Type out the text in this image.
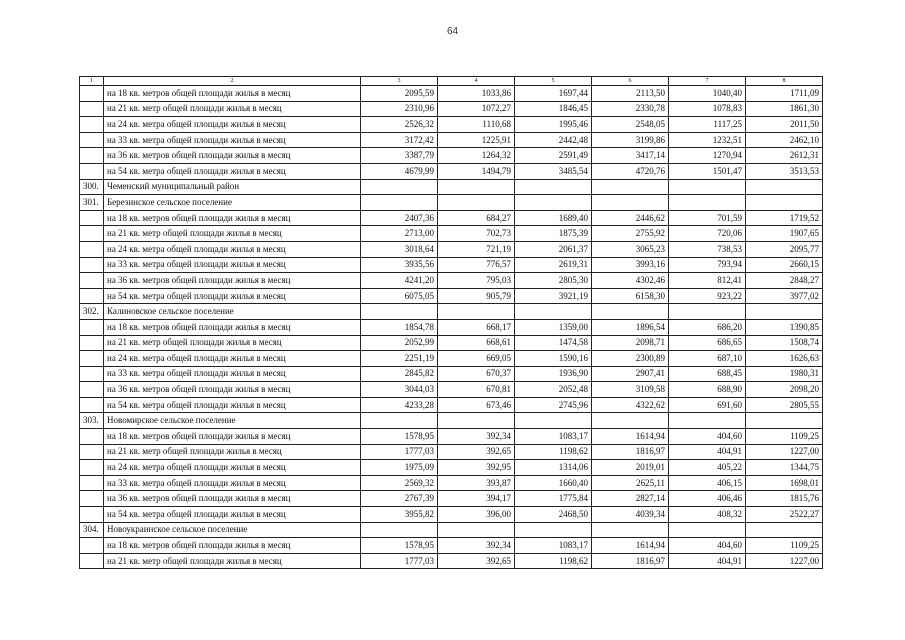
64
1	2	3	4	5	6	7	8
	на 18 кв. метров общей площади жилья в месяц	2095,59	1033,86	1697,44	2113,50	1040,40	1711,09
	на 21 кв. метр общей площади жилья в месяц	2310,96	1072,27	1846,45	2330,78	1078,83	1861,30
	на 24 кв. метра общей площади жилья в месяц	2526,32	1110,68	1995,46	2548,05	1117,25	2011,50
	на 33 кв. метра общей площади жилья в месяц	3172,42	1225,91	2442,48	3199,86	1232,51	2462,10
	на 36 кв. метров общей площади жилья в месяц	3387,79	1264,32	2591,49	3417,14	1270,94	2612,31
	на 54 кв. метра общей площади жилья в месяц	4679,99	1494,79	3485,54	4720,76	1501,47	3513,53
300.	Чеменский муниципальный район						
301.	Березинское сельское поселение						
	на 18 кв. метров общей площади жилья в месяц	2407,36	684,27	1689,40	2446,62	701,59	1719,52
	на 21 кв. метр общей площади жилья в месяц	2713,00	702,73	1875,39	2755,92	720,06	1907,65
	на 24 кв. метра общей площади жилья в месяц	3018,64	721,19	2061,37	3065,23	738,53	2095,77
	на 33 кв. метра общей площади жилья в месяц	3935,56	776,57	2619,31	3993,16	793,94	2660,15
	на 36 кв. метров общей площади жилья в месяц	4241,20	795,03	2805,30	4302,46	812,41	2848,27
	на 54 кв. метра общей площади жилья в месяц	6075,05	905,79	3921,19	6158,30	923,22	3977,02
302.	Калиновское сельское поселение						
	на 18 кв. метров общей площади жилья в месяц	1854,78	668,17	1359,00	1896,54	686,20	1390,85
	на 21 кв. метр общей площади жилья в месяц	2052,99	668,61	1474,58	2098,71	686,65	1508,74
	на 24 кв. метра общей площади жилья в месяц	2251,19	669,05	1590,16	2300,89	687,10	1626,63
	на 33 кв. метра общей площади жилья в месяц	2845,82	670,37	1936,90	2907,41	688,45	1980,31
	на 36 кв. метров общей площади жилья в месяц	3044,03	670,81	2052,48	3109,58	688,90	2098,20
	на 54 кв. метра общей площади жилья в месяц	4233,28	673,46	2745,96	4322,62	691,60	2805,55
303.	Новомирское сельское поселение						
	на 18 кв. метров общей площади жилья в месяц	1578,95	392,34	1083,17	1614,94	404,60	1109,25
	на 21 кв. метр общей площади жилья в месяц	1777,03	392,65	1198,62	1816,97	404,91	1227,00
	на 24 кв. метра общей площади жилья в месяц	1975,09	392,95	1314,06	2019,01	405,22	1344,75
	на 33 кв. метра общей площади жилья в месяц	2569,32	393,87	1660,40	2625,11	406,15	1698,01
	на 36 кв. метров общей площади жилья в месяц	2767,39	394,17	1775,84	2827,14	406,46	1815,76
	на 54 кв. метра общей площади жилья в месяц	3955,82	396,00	2468,50	4039,34	408,32	2522,27
304.	Новоукраинское сельское поселение						
	на 18 кв. метров общей площади жилья в месяц	1578,95	392,34	1083,17	1614,94	404,60	1109,25
	на 21 кв. метр общей площади жилья в месяц	1777,03	392,65	1198,62	1816,97	404,91	1227,00
